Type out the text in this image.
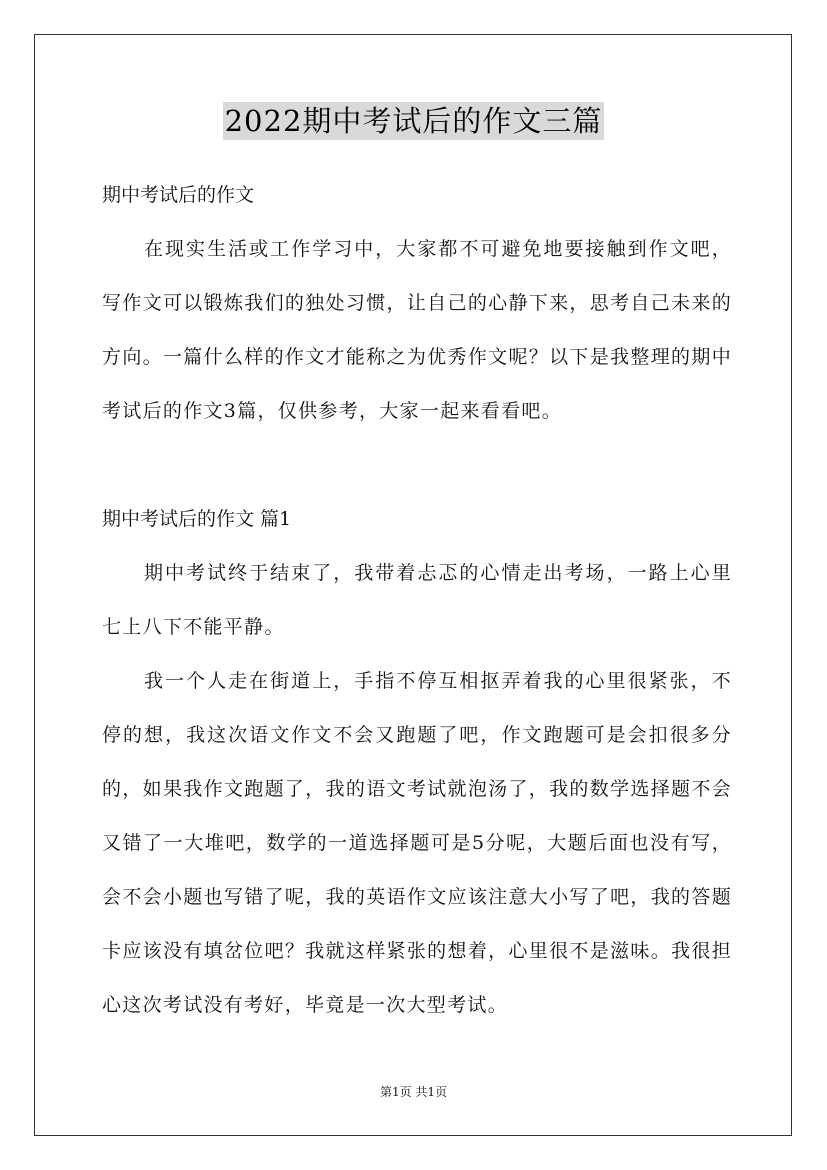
2022期中考试后的作文三篇

期中考试后的作文

在现实生活或工作学习中，大家都不可避免地要接触到作文吧，写作文可以锻炼我们的独处习惯，让自己的心静下来，思考自己未来的方向。一篇什么样的作文才能称之为优秀作文呢？以下是我整理的期中考试后的作文3篇，仅供参考，大家一起来看看吧。

期中考试后的作文 篇1

期中考试终于结束了，我带着忐忑的心情走出考场，一路上心里七上八下不能平静。

我一个人走在街道上，手指不停互相抠弄着我的心里很紧张，不停的想，我这次语文作文不会又跑题了吧，作文跑题可是会扣很多分的，如果我作文跑题了，我的语文考试就泡汤了，我的数学选择题不会又错了一大堆吧，数学的一道选择题可是5分呢，大题后面也没有写，会不会小题也写错了呢，我的英语作文应该注意大小写了吧，我的答题卡应该没有填岔位吧？我就这样紧张的想着，心里很不是滋味。我很担心这次考试没有考好，毕竟是一次大型考试。

第1页 共1页
